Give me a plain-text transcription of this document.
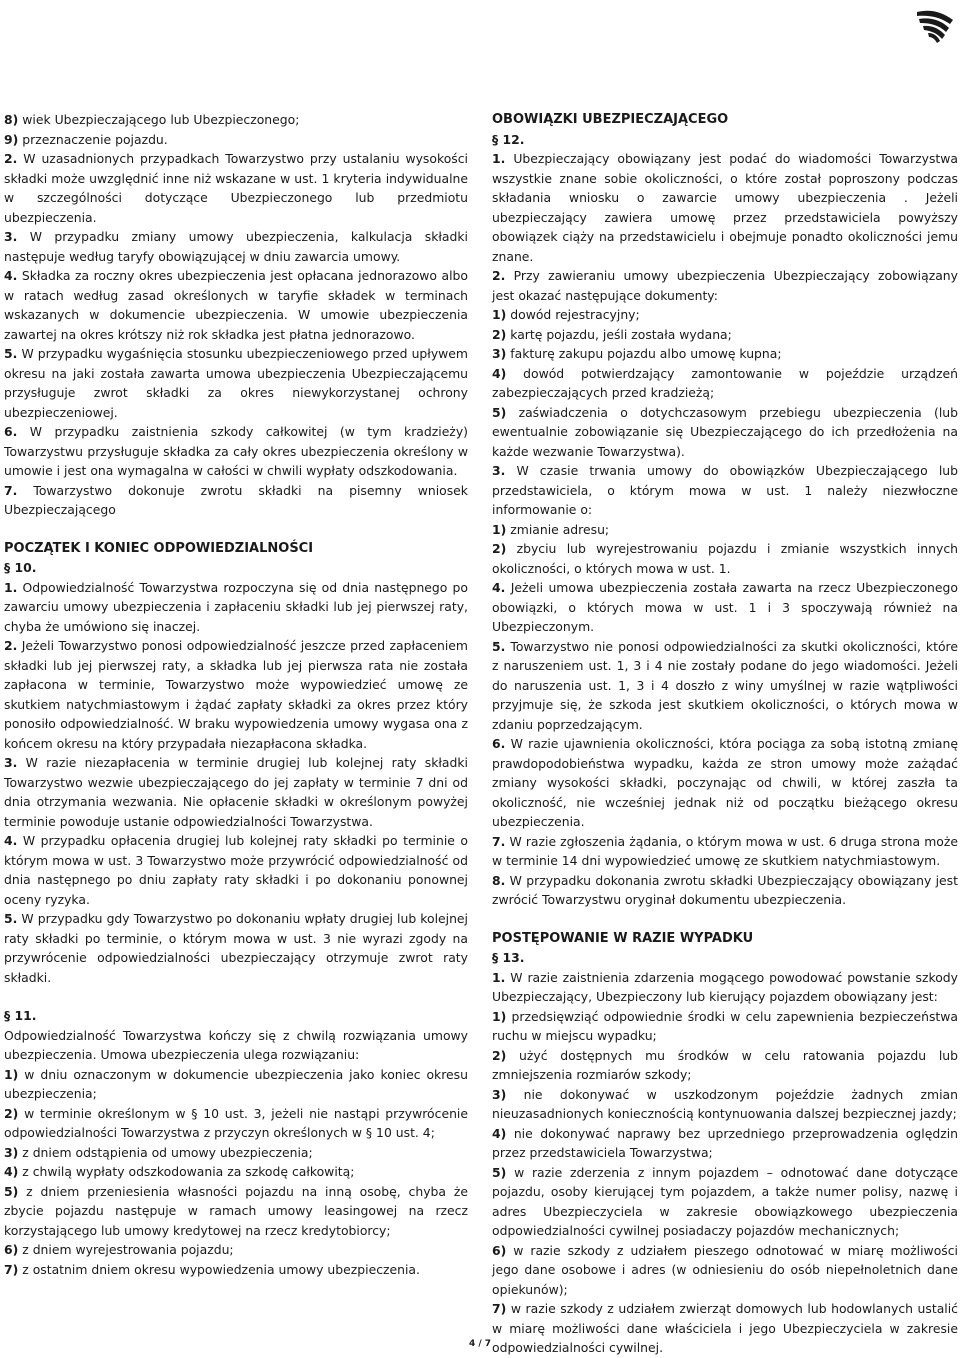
8) wiek Ubezpieczającego lub Ubezpieczonego;

9) przeznaczenie pojazdu.

2. W uzasadnionych przypadkach Towarzystwo przy ustalaniu wysokości składki może uwzględnić inne niż wskazane w ust. 1 kryteria indywidualne w szczególności dotyczące Ubezpieczonego lub przedmiotu ubezpieczenia.

3. W przypadku zmiany umowy ubezpieczenia, kalkulacja składki następuje według taryfy obowiązującej w dniu zawarcia umowy.

4. Składka za roczny okres ubezpieczenia jest opłacana jednorazowo albo w ratach według zasad określonych w taryfie składek w terminach wskazanych w dokumencie ubezpieczenia. W umowie ubezpieczenia zawartej na okres krótszy niż rok składka jest płatna jednorazowo.

5. W przypadku wygaśnięcia stosunku ubezpieczeniowego przed upływem okresu na jaki została zawarta umowa ubezpieczenia Ubezpieczającemu przysługuje zwrot składki za okres niewykorzystanej ochrony ubezpieczeniowej.

6. W przypadku zaistnienia szkody całkowitej (w tym kradzieży) Towarzystwu przysługuje składka za cały okres ubezpieczenia określony w umowie i jest ona wymagalna w całości w chwili wypłaty odszkodowania.

7. Towarzystwo dokonuje zwrotu składki na pisemny wniosek Ubezpieczającego

POCZĄTEK I KONIEC ODPOWIEDZIALNOŚCI

§ 10.

1. Odpowiedzialność Towarzystwa rozpoczyna się od dnia następnego po zawarciu umowy ubezpieczenia i zapłaceniu składki lub jej pierwszej raty, chyba że umówiono się inaczej.

2. Jeżeli Towarzystwo ponosi odpowiedzialność jeszcze przed zapłaceniem składki lub jej pierwszej raty, a składka lub jej pierwsza rata nie została zapłacona w terminie, Towarzystwo może wypowiedzieć umowę ze skutkiem natychmiastowym i żądać zapłaty składki za okres przez który ponosiło odpowiedzialność. W braku wypowiedzenia umowy wygasa ona z końcem okresu na który przypadała niezapłacona składka.

3. W razie niezapłacenia w terminie drugiej lub kolejnej raty składki Towarzystwo wezwie ubezpieczającego do jej zapłaty w terminie 7 dni od dnia otrzymania wezwania. Nie opłacenie składki w określonym powyżej terminie powoduje ustanie odpowiedzialności Towarzystwa.

4. W przypadku opłacenia drugiej lub kolejnej raty składki po terminie o którym mowa w ust. 3 Towarzystwo może przywrócić odpowiedzialność od dnia następnego po dniu zapłaty raty składki i po dokonaniu ponownej oceny ryzyka.

5. W przypadku gdy Towarzystwo po dokonaniu wpłaty drugiej lub kolejnej raty składki po terminie, o którym mowa w ust. 3 nie wyrazi zgody na przywrócenie odpowiedzialności ubezpieczający otrzymuje zwrot raty składki.

§ 11.

Odpowiedzialność Towarzystwa kończy się z chwilą rozwiązania umowy ubezpieczenia. Umowa ubezpieczenia ulega rozwiązaniu:

1) w dniu oznaczonym w dokumencie ubezpieczenia jako koniec okresu ubezpieczenia;

2) w terminie określonym w § 10 ust. 3, jeżeli nie nastąpi przywrócenie odpowiedzialności Towarzystwa z przyczyn określonych w § 10 ust. 4;

3) z dniem odstąpienia od umowy ubezpieczenia;

4) z chwilą wypłaty odszkodowania za szkodę całkowitą;

5) z dniem przeniesienia własności pojazdu na inną osobę, chyba że zbycie pojazdu następuje w ramach umowy leasingowej na rzecz korzystającego lub umowy kredytowej na rzecz kredytobiorcy;

6) z dniem wyrejestrowania pojazdu;

7) z ostatnim dniem okresu wypowiedzenia umowy ubezpieczenia.

OBOWIĄZKI UBEZPIECZAJĄCEGO

§ 12.

1. Ubezpieczający obowiązany jest podać do wiadomości Towarzystwa wszystkie znane sobie okoliczności, o które został poproszony podczas składania wniosku o zawarcie umowy ubezpieczenia . Jeżeli ubezpieczający zawiera umowę przez przedstawiciela powyższy obowiązek ciąży na przedstawicielu i obejmuje ponadto okoliczności jemu znane.

2. Przy zawieraniu umowy ubezpieczenia Ubezpieczający zobowiązany jest okazać następujące dokumenty:

1) dowód rejestracyjny;

2) kartę pojazdu, jeśli została wydana;

3) fakturę zakupu pojazdu albo umowę kupna;

4) dowód potwierdzający zamontowanie w pojeździe urządzeń zabezpieczających przed kradzieżą;

5) zaświadczenia o dotychczasowym przebiegu ubezpieczenia (lub ewentualnie zobowiązanie się Ubezpieczającego do ich przedłożenia na każde wezwanie Towarzystwa).

3. W czasie trwania umowy do obowiązków Ubezpieczającego lub przedstawiciela, o którym mowa w ust. 1 należy niezwłoczne informowanie o:

1) zmianie adresu;

2) zbyciu lub wyrejestrowaniu pojazdu i zmianie wszystkich innych okoliczności, o których mowa w ust. 1.

4. Jeżeli umowa ubezpieczenia została zawarta na rzecz Ubezpieczonego obowiązki, o których mowa w ust. 1 i 3 spoczywają również na Ubezpieczonym.

5. Towarzystwo nie ponosi odpowiedzialności za skutki okoliczności, które z naruszeniem ust. 1, 3 i 4 nie zostały podane do jego wiadomości. Jeżeli do naruszenia ust. 1, 3 i 4 doszło z winy umyślnej w razie wątpliwości przyjmuje się, że szkoda jest skutkiem okoliczności, o których mowa w zdaniu poprzedzającym.

6. W razie ujawnienia okoliczności, która pociąga za sobą istotną zmianę prawdopodobieństwa wypadku, każda ze stron umowy może zażądać zmiany wysokości składki, poczynając od chwili, w której zaszła ta okoliczność, nie wcześniej jednak niż od początku bieżącego okresu ubezpieczenia.

7. W razie zgłoszenia żądania, o którym mowa w ust. 6 druga strona może w terminie 14 dni wypowiedzieć umowę ze skutkiem natychmiastowym.

8. W przypadku dokonania zwrotu składki Ubezpieczający obowiązany jest zwrócić Towarzystwu oryginał dokumentu ubezpieczenia.

POSTĘPOWANIE W RAZIE WYPADKU

§ 13.

1. W razie zaistnienia zdarzenia mogącego powodować powstanie szkody Ubezpieczający, Ubezpieczony lub kierujący pojazdem obowiązany jest:

1) przedsięwziąć odpowiednie środki w celu zapewnienia bezpieczeństwa ruchu w miejscu wypadku;

2) użyć dostępnych mu środków w celu ratowania pojazdu lub zmniejszenia rozmiarów szkody;

3) nie dokonywać w uszkodzonym pojeździe żadnych zmian nieuzasadnionych koniecznością kontynuowania dalszej bezpiecznej jazdy;

4) nie dokonywać naprawy bez uprzedniego przeprowadzenia oględzin przez przedstawiciela Towarzystwa;

5) w razie zderzenia z innym pojazdem – odnotować dane dotyczące pojazdu, osoby kierującej tym pojazdem, a także numer polisy, nazwę i adres Ubezpieczyciela w zakresie obowiązkowego ubezpieczenia odpowiedzialności cywilnej posiadaczy pojazdów mechanicznych;

6) w razie szkody z udziałem pieszego odnotować w miarę możliwości jego dane osobowe i adres (w odniesieniu do osób niepełnoletnich dane opiekunów);

7) w razie szkody z udziałem zwierząt domowych lub hodowlanych ustalić w miarę możliwości dane właściciela i jego Ubezpieczyciela w zakresie odpowiedzialności cywilnej.

4 / 7
